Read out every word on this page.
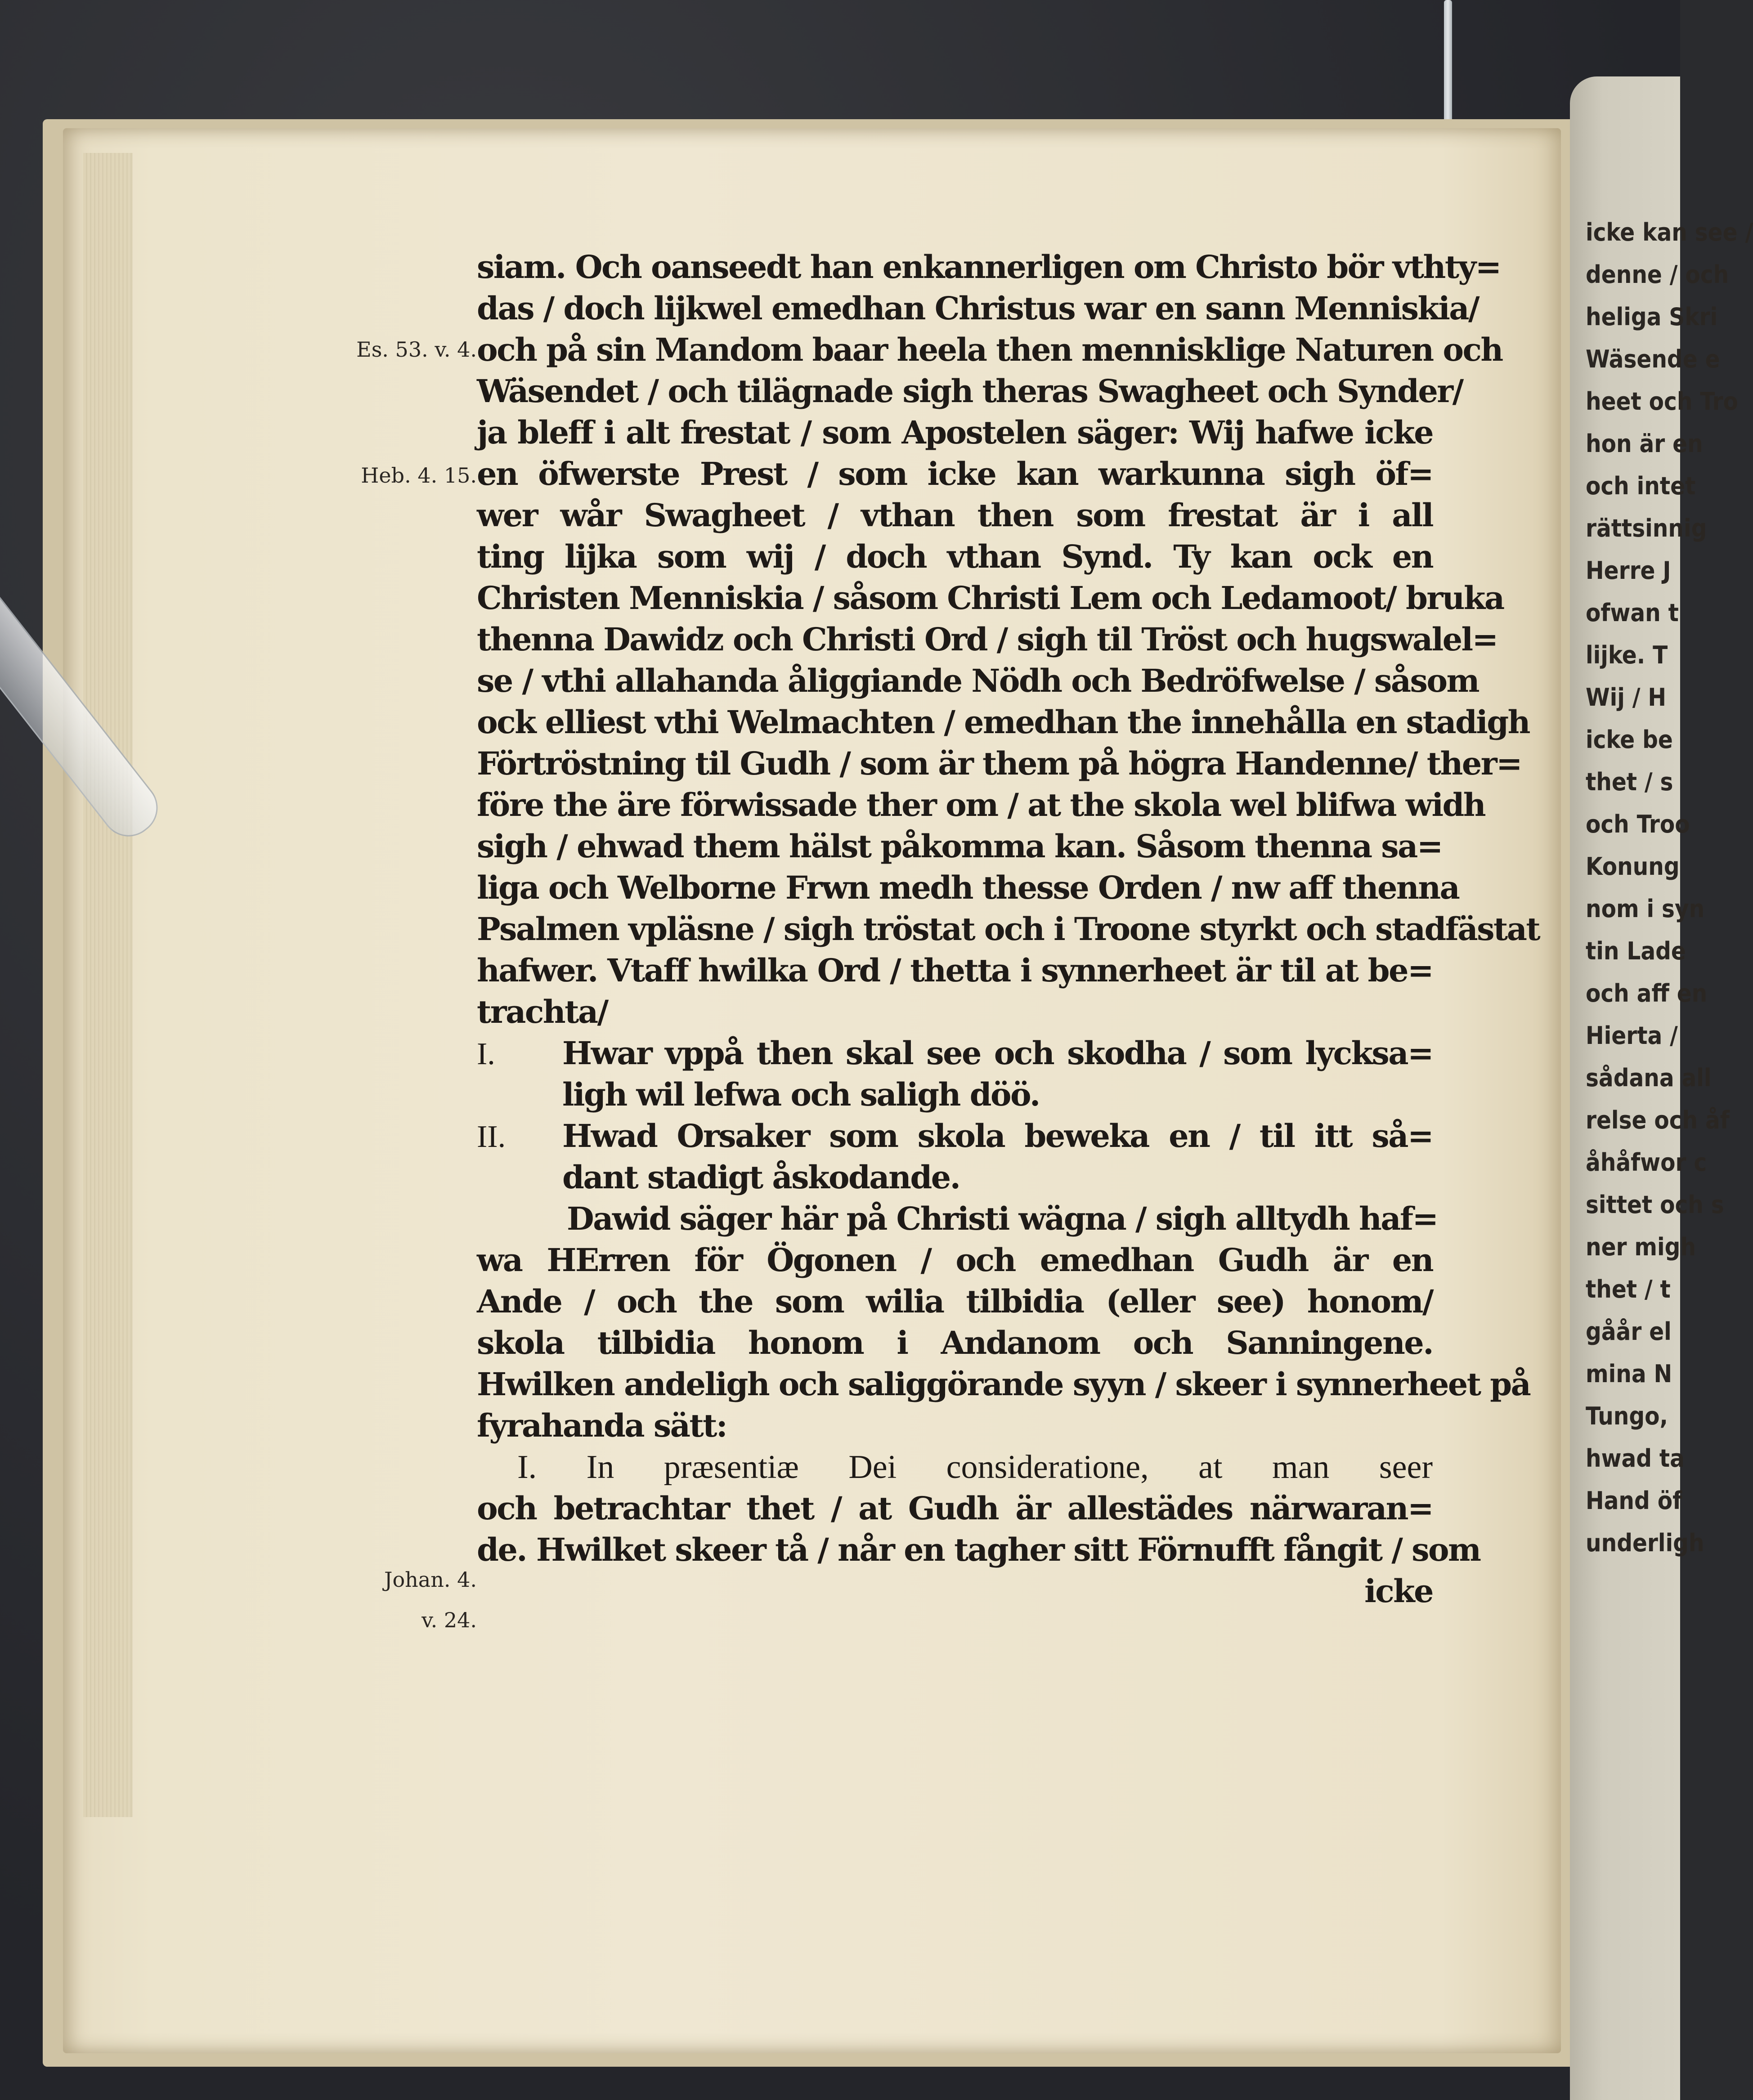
icke kan see /
denne / och
heliga Skri
Wäsende e
heet och Tro
hon är en
och intet
rättsinnig
Herre J
ofwan t
lijke. T
Wij / H
icke be
thet / s
och Troo
Konung
nom i syn
tin Lade
och aff en
Hierta /
sådana all
relse och åf
åhåfwor c
sittet och s
ner migh
thet / t
gåår el
mina N
Tungo,
hwad ta
Hand öf
underligh
Es. 53. v. 4.
Heb. 4. 15.
Johan. 4.
v. 24.
siam. Och oanseedt han enkannerligen om Christo bör vthty=
das / doch lijkwel emedhan Christus war en sann Menniskia/
och på sin Mandom baar heela then menniskligе Naturen och
Wäsendet / och tilägnade sigh theras Swagheet och Synder/
ja bleff i alt frestat / som Apostelen säger: Wij hafwe icke
en öfwerste Prest / som icke kan warkunna sigh öf=
wer wår Swagheet / vthan then som frestat är i all
ting lijka som wij / doch vthan Synd. Ty kan ock en
Christen Menniskia / såsom Christi Lem och Ledamoot/ bruka
thenna Dawidz och Christi Ord / sigh til Tröst och hugswalel=
se / vthi allahanda åliggiande Nödh och Bedröfwelse / såsom
ock elliest vthi Welmachten / emedhan the innehålla en stadigh
Förtröstning til Gudh / som är them på högra Handenne/ ther=
före the äre förwissade ther om / at the skola wel blifwa widh
sigh / ehwad them hälst påkomma kan. Såsom thenna sa=
liga och Welborne Frwn medh thesse Orden / nw aff thenna
Psalmen vpläsne / sigh tröstat och i Troone styrkt och stadfästat
hafwer. Vtaff hwilka Ord / thetta i synnerheet är til at be=
trachta/
I. Hwar vppå then skal see och skodha / som lycksa=
ligh wil lefwa och saligh döö.
II. Hwad Orsaker som skola beweka en / til itt så=
dant stadigt åskodande.
Dawid säger här på Christi wägna / sigh alltydh haf=
wa HErren för Ögonen / och emedhan Gudh är en
Ande / och the som wilia tilbidia (eller see) honom/
skola tilbidia honom i Andanom och Sanningene.
Hwilken andeligh och saliggörande syyn / skeer i synnerheet på
fyrahanda sätt:
I. In præsentiæ Dei consideratione, at man seer
och betrachtar thet / at Gudh är allestädes närwaran=
de. Hwilket skeer tå / når en tagher sitt Förnufft fångit / som
icke
